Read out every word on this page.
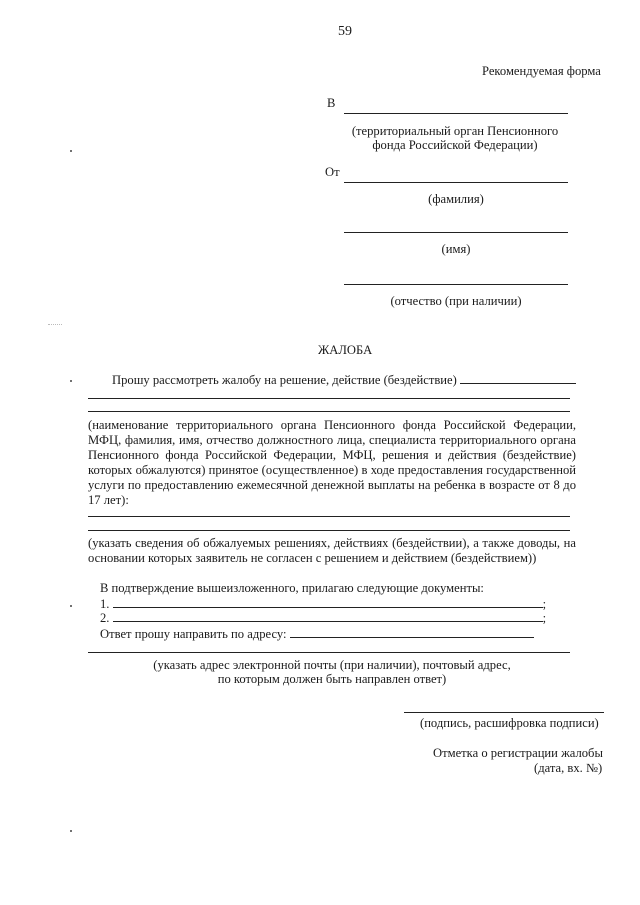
59
Рекомендуемая форма
В
(территориальный орган Пенсионного
фонда Российской Федерации)
От
(фамилия)
(имя)
(отчество (при наличии)
ЖАЛОБА
Прошу рассмотреть жалобу на решение, действие (бездействие)
(наименование территориального органа Пенсионного фонда Российской Федерации, МФЦ, фамилия, имя, отчество должностного лица, специалиста территориального органа Пенсионного фонда Российской Федерации, МФЦ, решения и действия (бездействие) которых обжалуются) принятое (осуществленное) в ходе предоставления государственной услуги по предоставлению ежемесячной денежной выплаты на ребенка в возрасте от 8 до 17 лет):
(указать сведения об обжалуемых решениях, действиях (бездействии), а также доводы, на основании которых заявитель не согласен с решением и действием (бездействием))
В подтверждение вышеизложенного, прилагаю следующие документы:
1.	;
2.	;
Ответ прошу направить по адресу:
(указать адрес электронной почты (при наличии), почтовый адрес,
по которым должен быть направлен ответ)
(подпись, расшифровка подписи)
Отметка о регистрации жалобы
(дата, вх. №)
